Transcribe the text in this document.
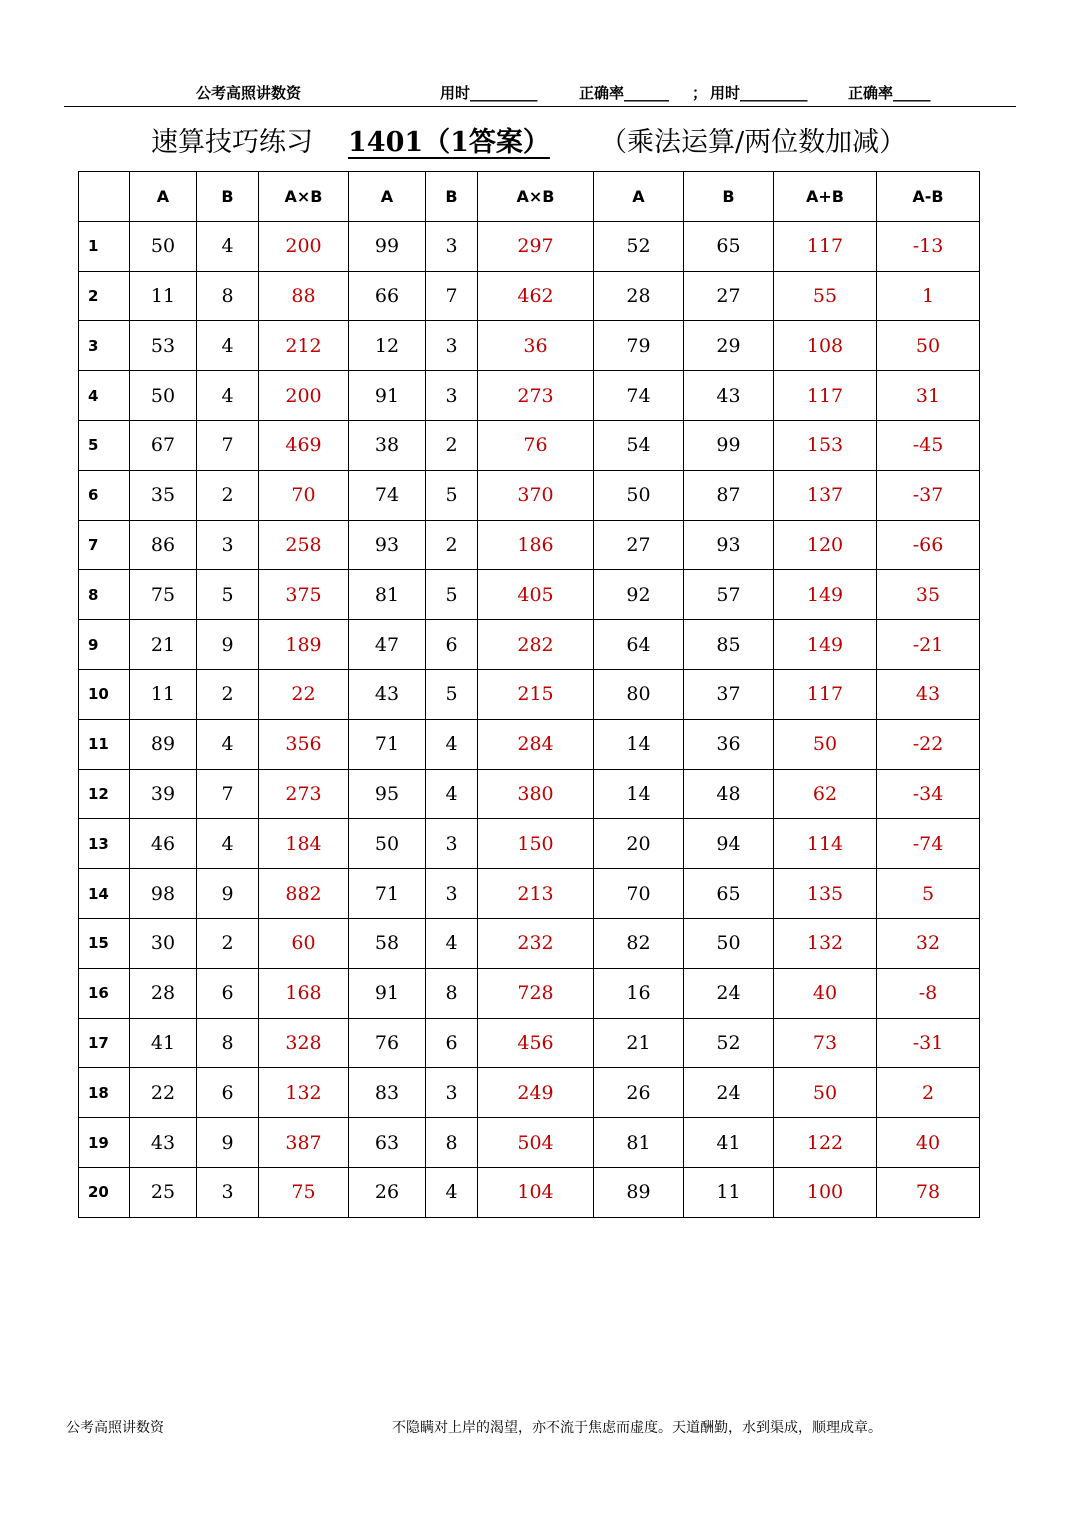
公考高照讲数资	用时_________	正确率______ ； 用时_________	正确率_____
速算技巧练习 1401（1答案） （乘法运算/两位数加减）
	A	B	A×B	A	B	A×B	A	B	A+B	A-B
1	50	4	200	99	3	297	52	65	117	-13
2	11	8	88	66	7	462	28	27	55	1
3	53	4	212	12	3	36	79	29	108	50
4	50	4	200	91	3	273	74	43	117	31
5	67	7	469	38	2	76	54	99	153	-45
6	35	2	70	74	5	370	50	87	137	-37
7	86	3	258	93	2	186	27	93	120	-66
8	75	5	375	81	5	405	92	57	149	35
9	21	9	189	47	6	282	64	85	149	-21
10	11	2	22	43	5	215	80	37	117	43
11	89	4	356	71	4	284	14	36	50	-22
12	39	7	273	95	4	380	14	48	62	-34
13	46	4	184	50	3	150	20	94	114	-74
14	98	9	882	71	3	213	70	65	135	5
15	30	2	60	58	4	232	82	50	132	32
16	28	6	168	91	8	728	16	24	40	-8
17	41	8	328	76	6	456	21	52	73	-31
18	22	6	132	83	3	249	26	24	50	2
19	43	9	387	63	8	504	81	41	122	40
20	25	3	75	26	4	104	89	11	100	78
公考高照讲数资	不隐瞒对上岸的渴望，亦不流于焦虑而虚度。天道酬勤，水到渠成，顺理成章。
